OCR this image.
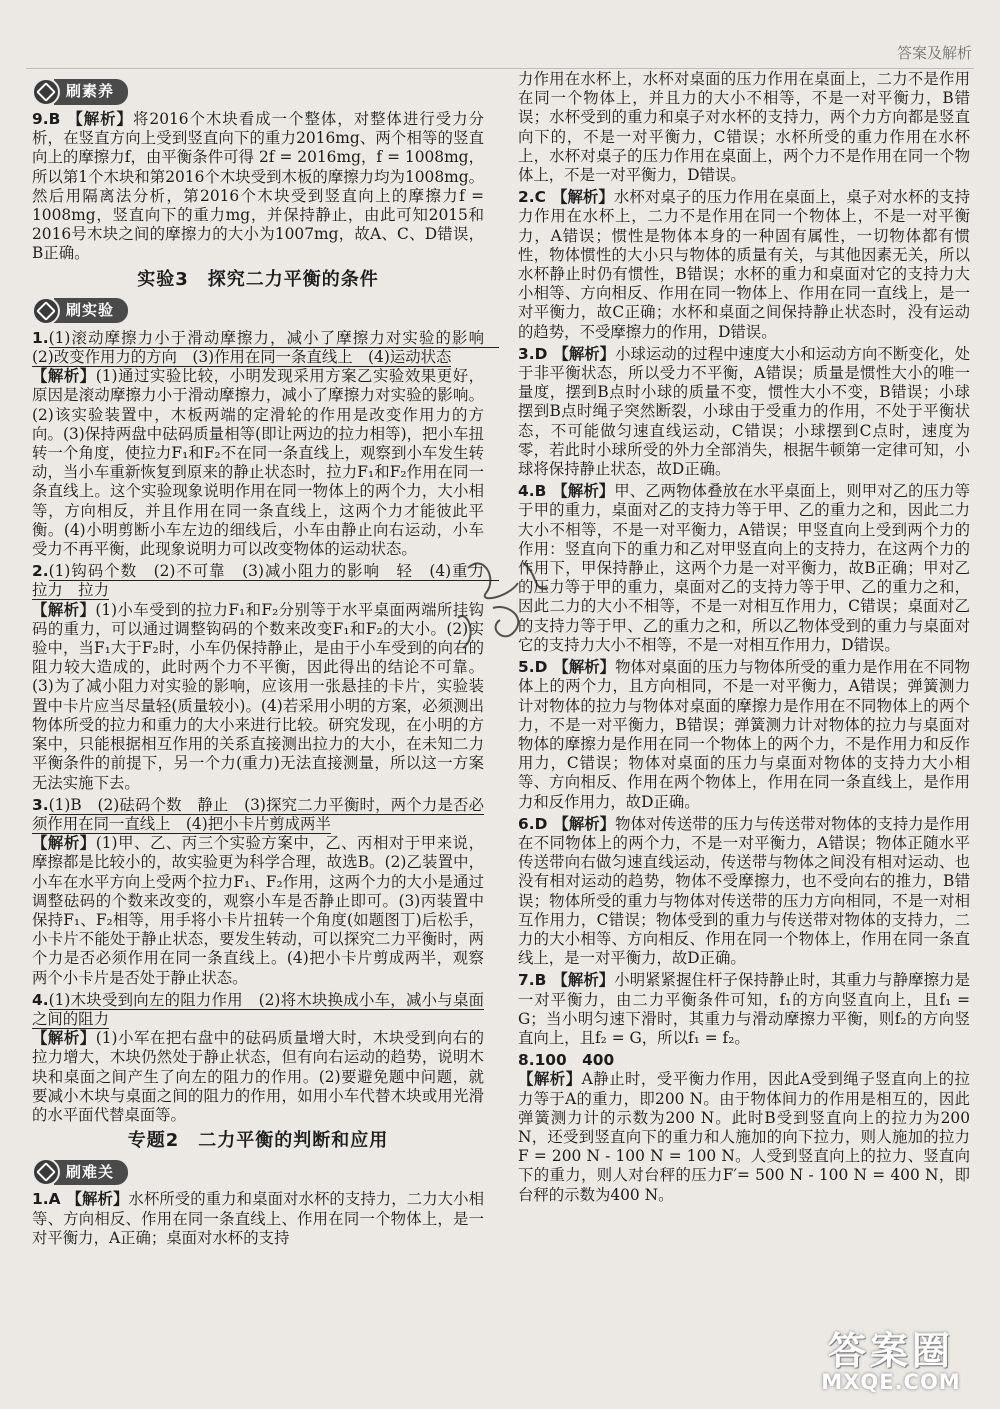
答案及解析
刷素养
9.B 【解析】将2016个木块看成一个整体，对整体进行受力分析，在竖直方向上受到竖直向下的重力2016mg、两个相等的竖直向上的摩擦力f，由平衡条件可得 2f = 2016mg，f = 1008mg，所以第1个木块和第2016个木块受到木板的摩擦力均为1008mg。然后用隔离法分析，第2016个木块受到竖直向上的摩擦力f = 1008mg，竖直向下的重力mg，并保持静止，由此可知2015和2016号木块之间的摩擦力的大小为1007mg，故A、C、D错误，B正确。
实验3　探究二力平衡的条件
刷实验
1.(1)滚动摩擦力小于滑动摩擦力，减小了摩擦力对实验的影响　(2)改变作用力的方向　(3)作用在同一条直线上　(4)运动状态
【解析】(1)通过实验比较，小明发现采用方案乙实验效果更好，原因是滚动摩擦力小于滑动摩擦力，减小了摩擦力对实验的影响。(2)该实验装置中，木板两端的定滑轮的作用是改变作用力的方向。(3)保持两盘中砝码质量相等(即让两边的拉力相等)，把小车扭转一个角度，使拉力F₁和F₂不在同一条直线上，观察到小车发生转动，当小车重新恢复到原来的静止状态时，拉力F₁和F₂作用在同一条直线上。这个实验现象说明作用在同一物体上的两个力，大小相等，方向相反，并且作用在同一条直线上，这两个力才能彼此平衡。(4)小明剪断小车左边的细线后，小车由静止向右运动，小车受力不再平衡，此现象说明力可以改变物体的运动状态。
2.(1)钩码个数　(2)不可靠　(3)减小阻力的影响　轻　(4)重力　拉力　拉力
【解析】(1)小车受到的拉力F₁和F₂分别等于水平桌面两端所挂钩码的重力，可以通过调整钩码的个数来改变F₁和F₂的大小。(2)实验中，当F₁大于F₂时，小车仍保持静止，是由于小车受到的向右的阻力较大造成的，此时两个力不平衡，因此得出的结论不可靠。(3)为了减小阻力对实验的影响，应该用一张悬挂的卡片，实验装置中卡片应当尽量轻(质量较小)。(4)若采用小明的方案，必须测出物体所受的拉力和重力的大小来进行比较。研究发现，在小明的方案中，只能根据相互作用的关系直接测出拉力的大小，在未知二力平衡条件的前提下，另一个力(重力)无法直接测量，所以这一方案无法实施下去。
3.(1)B　(2)砝码个数　静止　(3)探究二力平衡时，两个力是否必须作用在同一直线上　(4)把小卡片剪成两半
【解析】(1)甲、乙、丙三个实验方案中，乙、丙相对于甲来说，摩擦都是比较小的，故实验更为科学合理，故选B。(2)乙装置中，小车在水平方向上受两个拉力F₁、F₂作用，这两个力的大小是通过调整砝码的个数来改变的，观察小车是否静止即可。(3)丙装置中保持F₁、F₂相等，用手将小卡片扭转一个角度(如题图丁)后松手，小卡片不能处于静止状态，要发生转动，可以探究二力平衡时，两个力是否必须作用在同一条直线上。(4)把小卡片剪成两半，观察两个小卡片是否处于静止状态。
4.(1)木块受到向左的阻力作用　(2)将木块换成小车，减小与桌面之间的阻力
【解析】(1)小军在把右盘中的砝码质量增大时，木块受到向右的拉力增大，木块仍然处于静止状态，但有向右运动的趋势，说明木块和桌面之间产生了向左的阻力的作用。(2)要避免题中问题，就要减小木块与桌面之间的阻力的作用，如用小车代替木块或用光滑的水平面代替桌面等。
专题2　二力平衡的判断和应用
刷难关
1.A 【解析】水杯所受的重力和桌面对水杯的支持力，二力大小相等、方向相反、作用在同一条直线上、作用在同一个物体上，是一对平衡力，A正确；桌面对水杯的支持
力作用在水杯上，水杯对桌面的压力作用在桌面上，二力不是作用在同一个物体上，并且力的大小不相等，不是一对平衡力，B错误；水杯受到的重力和桌子对水杯的支持力，两个力方向都是竖直向下的，不是一对平衡力，C错误；水杯所受的重力作用在水杯上，水杯对桌子的压力作用在桌面上，两个力不是作用在同一个物体上，不是一对平衡力，D错误。
2.C 【解析】水杯对桌子的压力作用在桌面上，桌子对水杯的支持力作用在水杯上，二力不是作用在同一个物体上，不是一对平衡力，A错误；惯性是物体本身的一种固有属性，一切物体都有惯性，物体惯性的大小只与物体的质量有关，与其他因素无关，所以水杯静止时仍有惯性，B错误；水杯的重力和桌面对它的支持力大小相等、方向相反、作用在同一物体上、作用在同一直线上，是一对平衡力，故C正确；水杯和桌面之间保持静止状态时，没有运动的趋势，不受摩擦力的作用，D错误。
3.D 【解析】小球运动的过程中速度大小和运动方向不断变化，处于非平衡状态，所以受力不平衡，A错误；质量是惯性大小的唯一量度，摆到B点时小球的质量不变，惯性大小不变，B错误；小球摆到B点时绳子突然断裂，小球由于受重力的作用，不处于平衡状态，不可能做匀速直线运动，C错误；小球摆到C点时，速度为零，若此时小球所受的外力全部消失，根据牛顿第一定律可知，小球将保持静止状态，故D正确。
4.B 【解析】甲、乙两物体叠放在水平桌面上，则甲对乙的压力等于甲的重力，桌面对乙的支持力等于甲、乙的重力之和，因此二力大小不相等，不是一对平衡力，A错误；甲竖直向上受到两个力的作用：竖直向下的重力和乙对甲竖直向上的支持力，在这两个力的作用下，甲保持静止，这两个力是一对平衡力，故B正确；甲对乙的压力等于甲的重力，桌面对乙的支持力等于甲、乙的重力之和，因此二力的大小不相等，不是一对相互作用力，C错误；桌面对乙的支持力等于甲、乙的重力之和，所以乙物体受到的重力与桌面对它的支持力大小不相等，不是一对相互作用力，D错误。
5.D 【解析】物体对桌面的压力与物体所受的重力是作用在不同物体上的两个力，且方向相同，不是一对平衡力，A错误；弹簧测力计对物体的拉力与物体对桌面的摩擦力是作用在不同物体上的两个力，不是一对平衡力，B错误；弹簧测力计对物体的拉力与桌面对物体的摩擦力是作用在同一个物体上的两个力，不是作用力和反作用力，C错误；物体对桌面的压力与桌面对物体的支持力大小相等、方向相反、作用在两个物体上，作用在同一条直线上，是作用力和反作用力，故D正确。
6.D 【解析】物体对传送带的压力与传送带对物体的支持力是作用在不同物体上的两个力，不是一对平衡力，A错误；物体正随水平传送带向右做匀速直线运动，传送带与物体之间没有相对运动、也没有相对运动的趋势，物体不受摩擦力，也不受向右的推力，B错误；物体所受的重力与物体对传送带的压力方向相同，不是一对相互作用力，C错误；物体受到的重力与传送带对物体的支持力，二力的大小相等、方向相反、作用在同一个物体上，作用在同一条直线上，是一对平衡力，故D正确。
7.B 【解析】小明紧紧握住杆子保持静止时，其重力与静摩擦力是一对平衡力，由二力平衡条件可知，f₁的方向竖直向上，且f₁ = G；当小明匀速下滑时，其重力与滑动摩擦力平衡，则f₂的方向竖直向上，且f₂ = G，所以f₁ = f₂。
8.100　400
【解析】A静止时，受平衡力作用，因此A受到绳子竖直向上的拉力等于A的重力，即200 N。由于物体间力的作用是相互的，因此弹簧测力计的示数为200 N。此时B受到竖直向上的拉力为200 N，还受到竖直向下的重力和人施加的向下拉力，则人施加的拉力F = 200 N - 100 N = 100 N。人受到竖直向上的拉力、竖直向下的重力，则人对台秤的压力F′= 500 N - 100 N = 400 N，即台秤的示数为400 N。
答案圈
MXQE.COM
